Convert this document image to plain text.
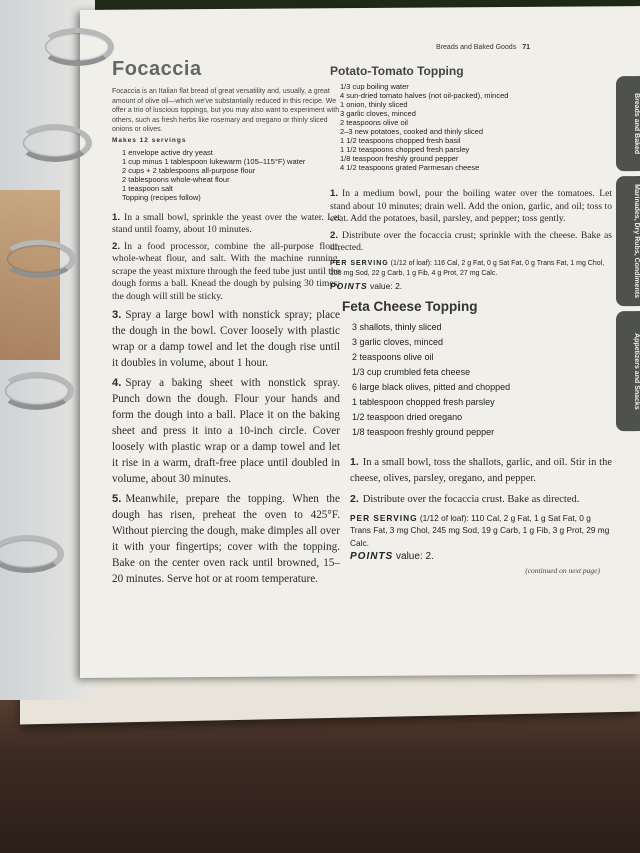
Breads and Baked
Marinades, Dry Rubs, Condiments
Appetizers and Snacks
Breads and Baked Goods 71
Focaccia

Focaccia is an Italian flat bread of great versatility and, usually, a great amount of olive oil—which we've substantially reduced in this recipe. We offer a trio of luscious toppings, but you may also want to experiment with others, such as fresh herbs like rosemary and oregano or thinly sliced onions or olives.

Makes 12 servings

1 envelope active dry yeast
1 cup minus 1 tablespoon lukewarm (105–115°F) water
2 cups + 2 tablespoons all-purpose flour
2 tablespoons whole-wheat flour
1 teaspoon salt
Topping (recipes follow)

1. In a small bowl, sprinkle the yeast over the water. Let stand until foamy, about 10 minutes.

2. In a food processor, combine the all-purpose flour, whole-wheat flour, and salt. With the machine running, scrape the yeast mixture through the feed tube just until the dough forms a ball. Knead the dough by pulsing 30 times; the dough will still be sticky.

3. Spray a large bowl with nonstick spray; place the dough in the bowl. Cover loosely with plastic wrap or a damp towel and let the dough rise until it doubles in volume, about 1 hour.

4. Spray a baking sheet with nonstick spray. Punch down the dough. Flour your hands and form the dough into a ball. Place it on the baking sheet and press it into a 10-inch circle. Cover loosely with plastic wrap or a damp towel and let it rise in a warm, draft-free place until doubled in volume, about 30 minutes.

5. Meanwhile, prepare the topping. When the dough has risen, preheat the oven to 425°F. Without piercing the dough, make dimples all over it with your fingertips; cover with the topping. Bake on the center oven rack until browned, 15–20 minutes. Serve hot or at room temperature.

Potato-Tomato Topping
1/3 cup boiling water
4 sun-dried tomato halves (not oil-packed), minced
1 onion, thinly sliced
3 garlic cloves, minced
2 teaspoons olive oil
2–3 new potatoes, cooked and thinly sliced
1 1/2 teaspoons chopped fresh basil
1 1/2 teaspoons chopped fresh parsley
1/8 teaspoon freshly ground pepper
4 1/2 teaspoons grated Parmesan cheese

1. In a medium bowl, pour the boiling water over the tomatoes. Let stand about 10 minutes; drain well. Add the onion, garlic, and oil; toss to coat. Add the potatoes, basil, parsley, and pepper; toss gently.

2. Distribute over the focaccia crust; sprinkle with the cheese. Bake as directed.

PER SERVING (1/12 of loaf): 116 Cal, 2 g Fat, 0 g Sat Fat, 0 g Trans Fat, 1 mg Chol, 208 mg Sod, 22 g Carb, 1 g Fib, 4 g Prot, 27 mg Calc.

POINTS value: 2.

Feta Cheese Topping
3 shallots, thinly sliced
3 garlic cloves, minced
2 teaspoons olive oil
1/3 cup crumbled feta cheese
6 large black olives, pitted and chopped
1 tablespoon chopped fresh parsley
1/2 teaspoon dried oregano
1/8 teaspoon freshly ground pepper

1. In a small bowl, toss the shallots, garlic, and oil. Stir in the cheese, olives, parsley, oregano, and pepper.

2. Distribute over the focaccia crust. Bake as directed.

PER SERVING (1/12 of loaf): 110 Cal, 2 g Fat, 1 g Sat Fat, 0 g Trans Fat, 3 mg Chol, 245 mg Sod, 19 g Carb, 1 g Fib, 3 g Prot, 29 mg Calc.

POINTS value: 2.

(continued on next page)
